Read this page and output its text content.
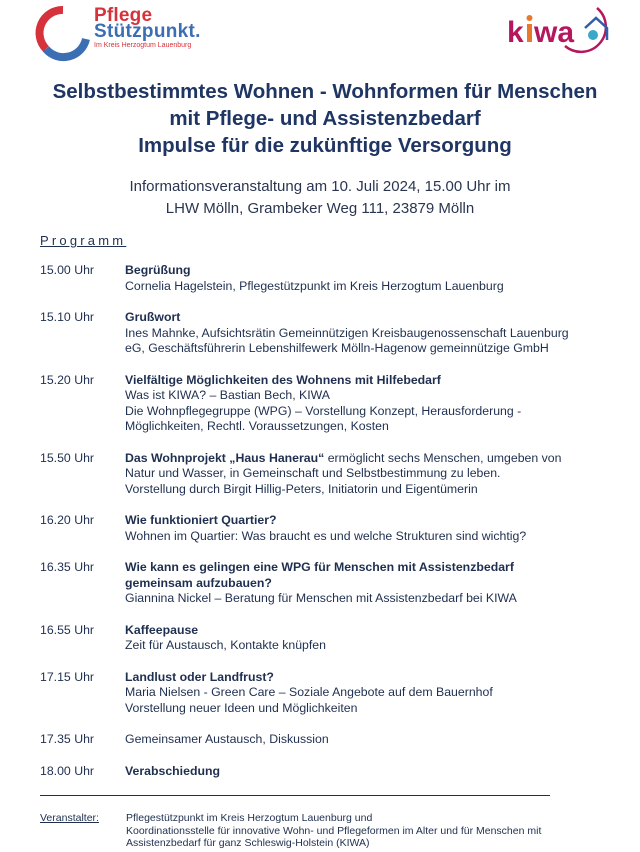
Pflege
Stützpunkt.
Im Kreis Herzogtum Lauenburg	k wa
Selbstbestimmtes Wohnen - Wohnformen für Menschen
mit Pflege- und Assistenzbedarf
Impulse für die zukünftige Versorgung
Informationsveranstaltung am 10. Juli 2024, 15.00 Uhr im
LHW Mölln, Grambeker Weg 111, 23879 Mölln
Programm
15.00 Uhr	Begrüßung
Cornelia Hagelstein, Pflegestützpunkt im Kreis Herzogtum Lauenburg
15.10 Uhr	Grußwort
Ines Mahnke, Aufsichtsrätin Gemeinnützigen Kreisbaugenossenschaft Lauenburg
eG, Geschäftsführerin Lebenshilfewerk Mölln-Hagenow gemeinnützige GmbH
15.20 Uhr	Vielfältige Möglichkeiten des Wohnens mit Hilfebedarf
Was ist KIWA? – Bastian Bech, KIWA
Die Wohnpflegegruppe (WPG) – Vorstellung Konzept, Herausforderung -
Möglichkeiten, Rechtl. Voraussetzungen, Kosten
15.50 Uhr	Das Wohnprojekt „Haus Hanerau“ ermöglicht sechs Menschen, umgeben von
Natur und Wasser, in Gemeinschaft und Selbstbestimmung zu leben.
Vorstellung durch Birgit Hillig-Peters, Initiatorin und Eigentümerin
16.20 Uhr	Wie funktioniert Quartier?
Wohnen im Quartier: Was braucht es und welche Strukturen sind wichtig?
16.35 Uhr	Wie kann es gelingen eine WPG für Menschen mit Assistenzbedarf
gemeinsam aufzubauen?
Giannina Nickel – Beratung für Menschen mit Assistenzbedarf bei KIWA
16.55 Uhr	Kaffeepause
Zeit für Austausch, Kontakte knüpfen
17.15 Uhr	Landlust oder Landfrust?
Maria Nielsen - Green Care – Soziale Angebote auf dem Bauernhof
Vorstellung neuer Ideen und Möglichkeiten
17.35 Uhr	Gemeinsamer Austausch, Diskussion
18.00 Uhr	Verabschiedung
Veranstalter:	Pflegestützpunkt im Kreis Herzogtum Lauenburg und
Koordinationsstelle für innovative Wohn- und Pflegeformen im Alter und für Menschen mit
Assistenzbedarf für ganz Schleswig-Holstein (KIWA)
